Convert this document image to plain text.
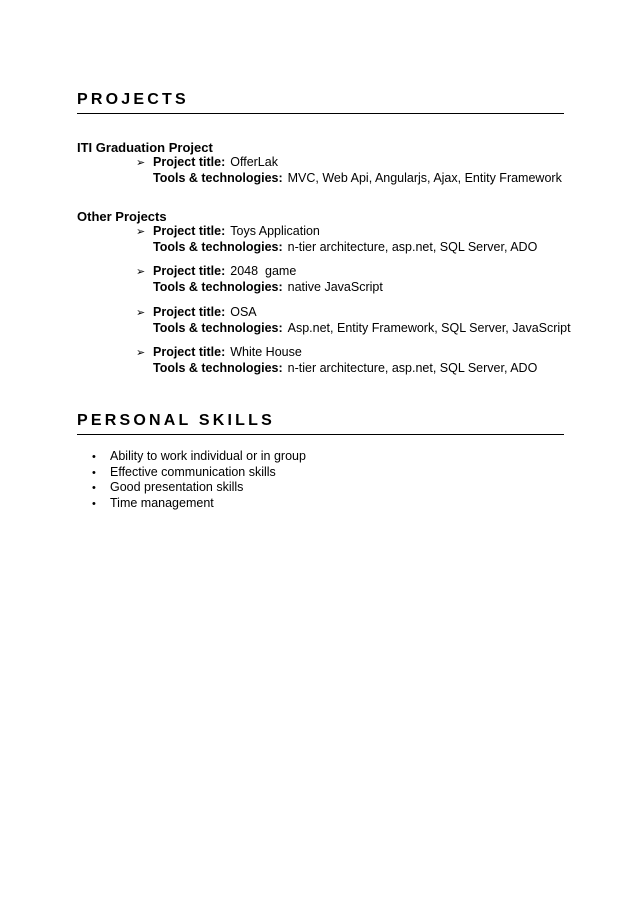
PROJECTS
ITI Graduation Project
➢ Project title: OfferLak
Tools & technologies: MVC, Web Api, Angularjs, Ajax, Entity Framework
Other Projects
➢ Project title: Toys Application
Tools & technologies: n-tier architecture, asp.net, SQL Server, ADO
➢ Project title: 2048  game
Tools & technologies: native JavaScript
➢ Project title: OSA
Tools & technologies: Asp.net, Entity Framework, SQL Server, JavaScript
➢ Project title: White House
Tools & technologies: n-tier architecture, asp.net, SQL Server, ADO
PERSONAL SKILLS
•	Ability to work individual or in group
•	Effective communication skills
•	Good presentation skills
•	Time management
